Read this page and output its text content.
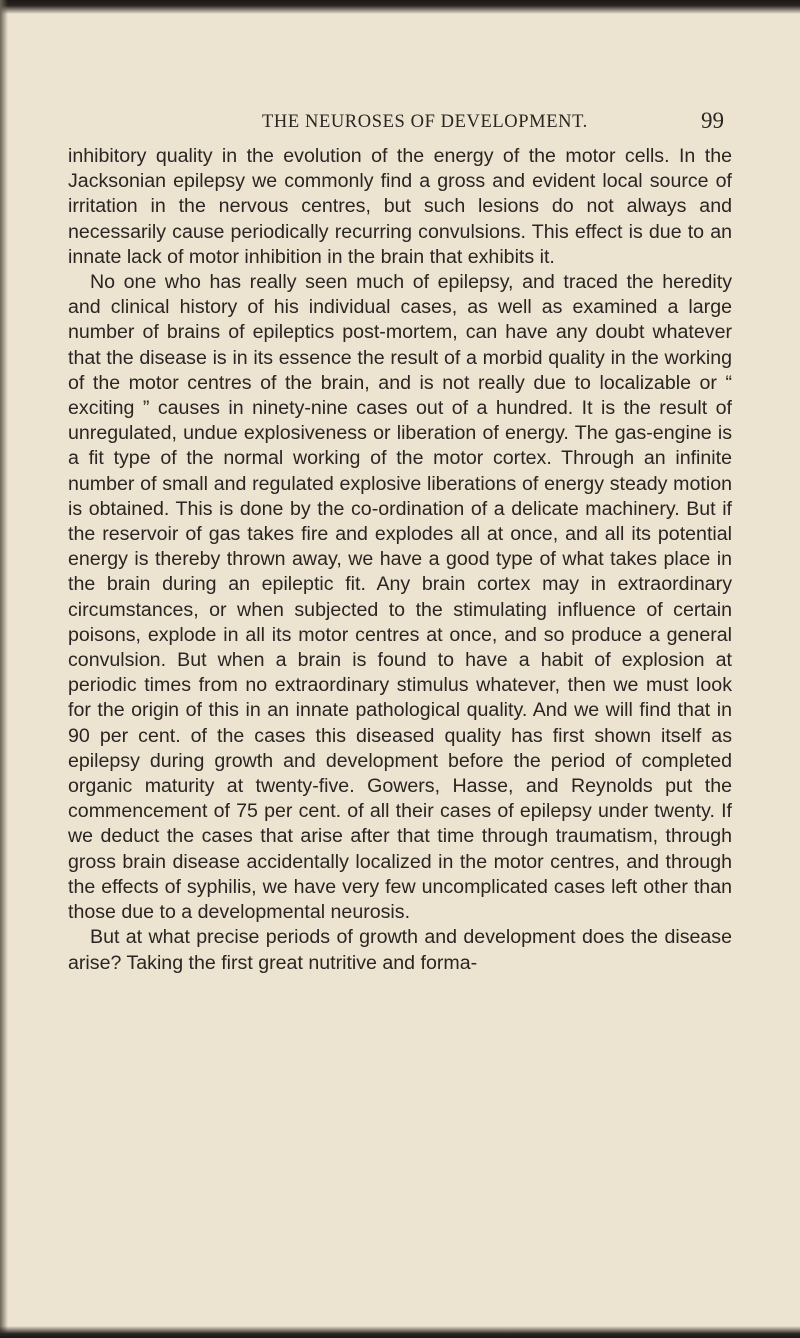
THE NEUROSES OF DEVELOPMENT.	99

inhibitory quality in the evolution of the energy of the motor cells. In the Jacksonian epilepsy we commonly find a gross and evident local source of irritation in the nervous centres, but such lesions do not always and necessarily cause periodically recurring convulsions. This effect is due to an innate lack of motor inhibition in the brain that exhibits it.

No one who has really seen much of epilepsy, and traced the heredity and clinical history of his individual cases, as well as examined a large number of brains of epileptics post-mortem, can have any doubt whatever that the disease is in its essence the result of a morbid quality in the working of the motor centres of the brain, and is not really due to localizable or “ exciting ” causes in ninety-nine cases out of a hundred. It is the result of unregulated, undue explosiveness or liberation of energy. The gas-engine is a fit type of the normal working of the motor cortex. Through an infinite number of small and regulated explosive liberations of energy steady motion is obtained. This is done by the co-ordination of a delicate machinery. But if the reservoir of gas takes fire and explodes all at once, and all its potential energy is thereby thrown away, we have a good type of what takes place in the brain during an epileptic fit. Any brain cortex may in extraordinary circumstances, or when subjected to the stimulating influence of certain poisons, explode in all its motor centres at once, and so produce a general convulsion. But when a brain is found to have a habit of explosion at periodic times from no extraordinary stimulus whatever, then we must look for the origin of this in an innate pathological quality. And we will find that in 90 per cent. of the cases this diseased quality has first shown itself as epilepsy during growth and development before the period of completed organic maturity at twenty-five. Gowers, Hasse, and Reynolds put the commencement of 75 per cent. of all their cases of epilepsy under twenty. If we deduct the cases that arise after that time through traumatism, through gross brain disease accidentally localized in the motor centres, and through the effects of syphilis, we have very few uncomplicated cases left other than those due to a developmental neurosis.

But at what precise periods of growth and development does the disease arise? Taking the first great nutritive and forma-
